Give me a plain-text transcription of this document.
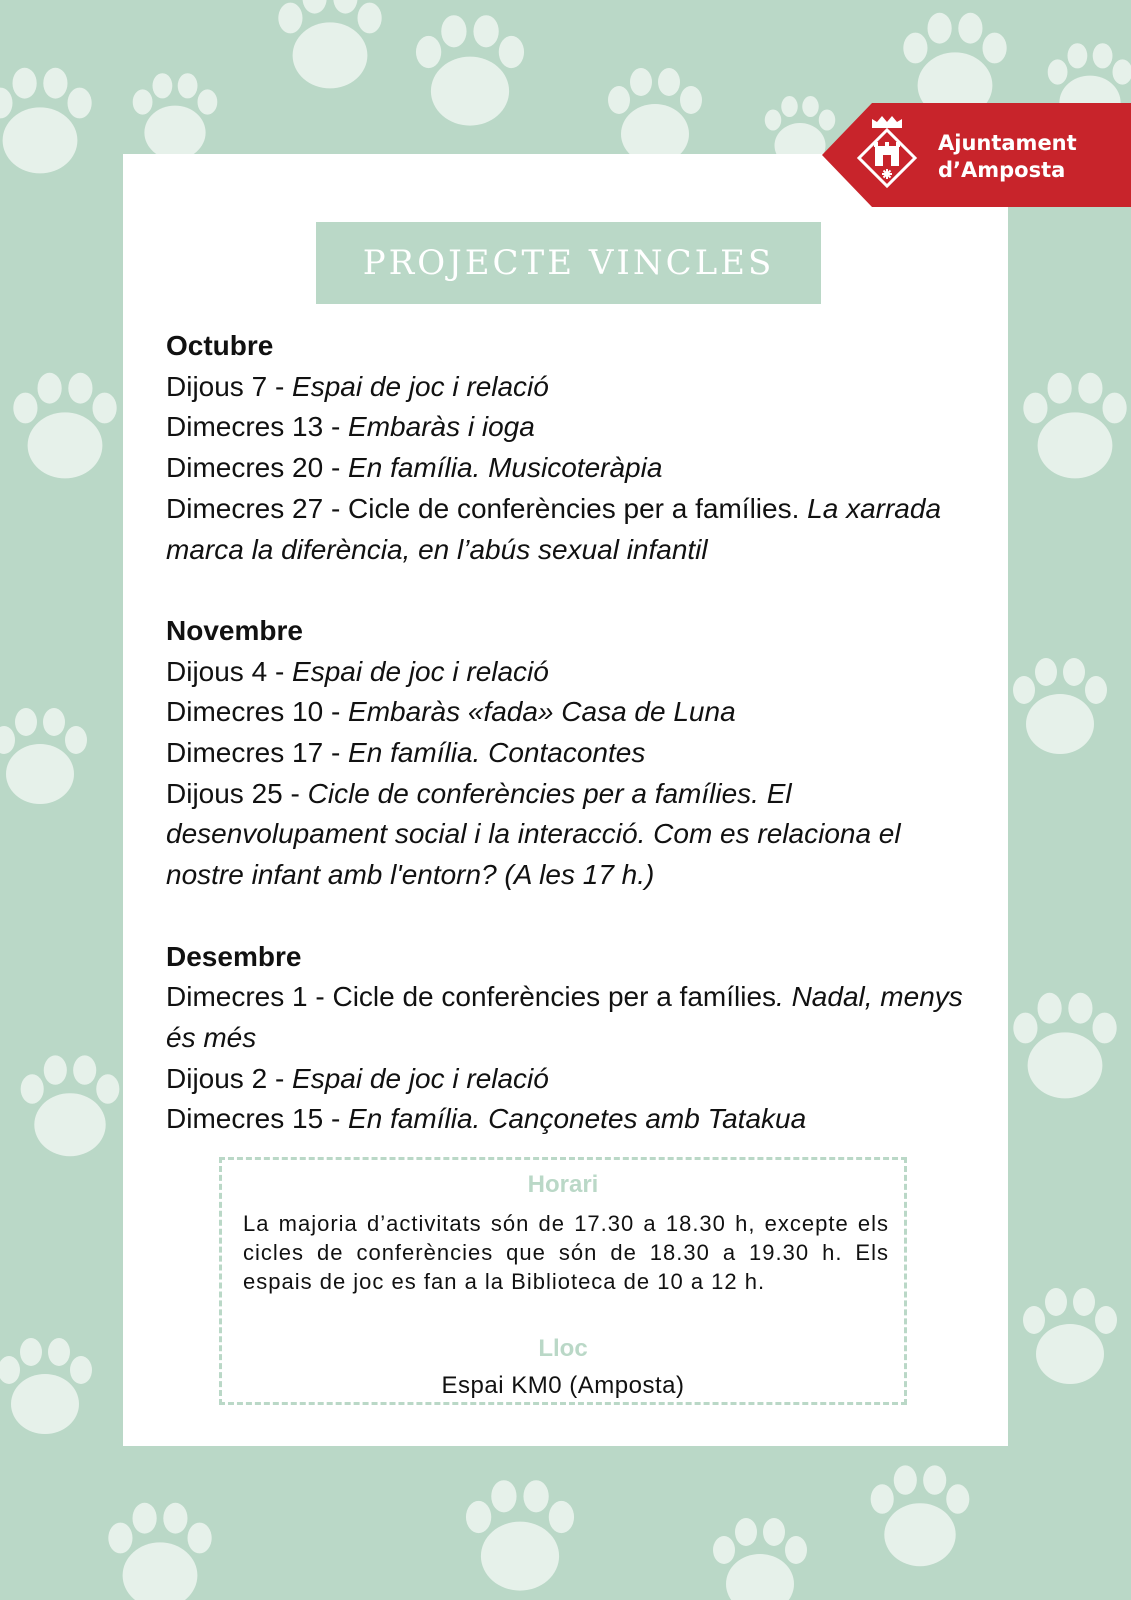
Ajuntament
d’Amposta
PROJECTE VINCLES
Octubre
Dijous 7 - Espai de joc i relació
Dimecres 13 - Embaràs i ioga
Dimecres 20 - En família. Musicoteràpia
Dimecres 27 - Cicle de conferències per a famílies. La xarrada marca la diferència, en l’abús sexual infantil
Novembre
Dijous 4 - Espai de joc i relació
Dimecres 10 - Embaràs «fada» Casa de Luna
Dimecres 17 - En família. Contacontes
Dijous 25 - Cicle de conferències per a famílies. El desenvolupament social i la interacció. Com es relaciona el nostre infant amb l'entorn? (A les 17 h.)
Desembre
Dimecres 1 - Cicle de conferències per a famílies. Nadal, menys és més
Dijous 2 - Espai de joc i relació
Dimecres 15 - En família. Cançonetes amb Tatakua
Horari
La majoria d’activitats són de 17.30 a 18.30 h, excepte els cicles de conferències que són de 18.30 a 19.30 h. Els espais de joc es fan a la Biblioteca de 10 a 12 h.
Lloc
Espai KM0 (Amposta)
